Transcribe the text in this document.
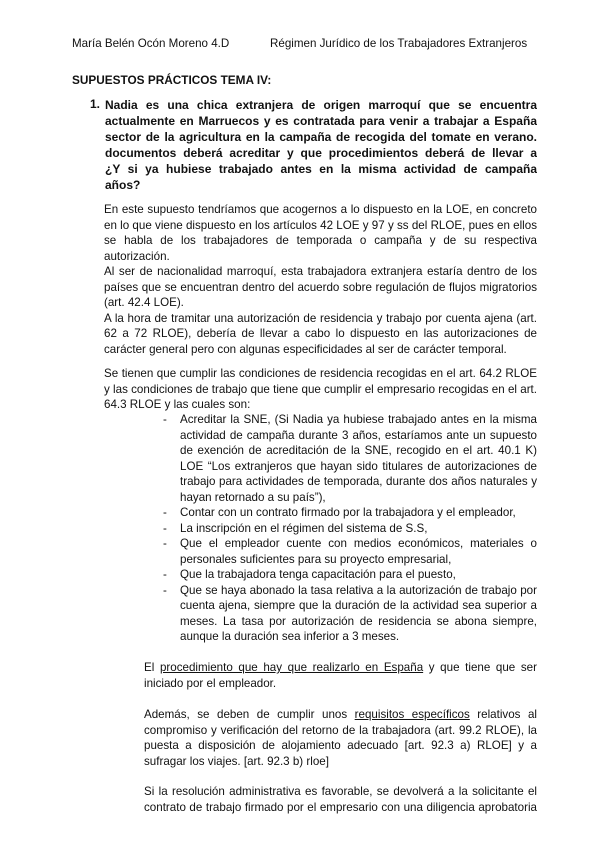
María Belén Ocón Moreno 4.D	Régimen Jurídico de los Trabajadores Extranjeros
SUPUESTOS PRÁCTICOS TEMA IV:
1. Nadia es una chica extranjera de origen marroquí que se encuentra
actualmente en Marruecos y es contratada para venir a trabajar a España
sector de la agricultura en la campaña de recogida del tomate en verano.
documentos deberá acreditar y que procedimientos deberá de llevar a
¿Y si ya hubiese trabajado antes en la misma actividad de campaña
años?
En este supuesto tendríamos que acogernos a lo dispuesto en la LOE, en concreto
en lo que viene dispuesto en los artículos 42 LOE y 97 y ss del RLOE, pues en ellos
se habla de los trabajadores de temporada o campaña y de su respectiva
autorización.
Al ser de nacionalidad marroquí, esta trabajadora extranjera estaría dentro de los
países que se encuentran dentro del acuerdo sobre regulación de flujos migratorios
(art. 42.4 LOE).
A la hora de tramitar una autorización de residencia y trabajo por cuenta ajena (art.
62 a 72 RLOE), debería de llevar a cabo lo dispuesto en las autorizaciones de
carácter general pero con algunas especificidades al ser de carácter temporal.
Se tienen que cumplir las condiciones de residencia recogidas en el art. 64.2 RLOE
y las condiciones de trabajo que tiene que cumplir el empresario recogidas en el art.
64.3 RLOE y las cuales son:
- Acreditar la SNE, (Si Nadia ya hubiese trabajado antes en la misma
actividad de campaña durante 3 años, estaríamos ante un supuesto
de exención de acreditación de la SNE, recogido en el art. 40.1 K)
LOE “Los extranjeros que hayan sido titulares de autorizaciones de
trabajo para actividades de temporada, durante dos años naturales y
hayan retornado a su país”),
- Contar con un contrato firmado por la trabajadora y el empleador,
- La inscripción en el régimen del sistema de S.S,
- Que el empleador cuente con medios económicos, materiales o
personales suficientes para su proyecto empresarial,
- Que la trabajadora tenga capacitación para el puesto,
- Que se haya abonado la tasa relativa a la autorización de trabajo por
cuenta ajena, siempre que la duración de la actividad sea superior a
meses. La tasa por autorización de residencia se abona siempre,
aunque la duración sea inferior a 3 meses.
El procedimiento que hay que realizarlo en España y que tiene que ser
iniciado por el empleador.
Además, se deben de cumplir unos requisitos específicos relativos al
compromiso y verificación del retorno de la trabajadora (art. 99.2 RLOE), la
puesta a disposición de alojamiento adecuado [art. 92.3 a) RLOE] y a
sufragar los viajes. [art. 92.3 b) rloe]
Si la resolución administrativa es favorable, se devolverá a la solicitante el
contrato de trabajo firmado por el empresario con una diligencia aprobatoria
